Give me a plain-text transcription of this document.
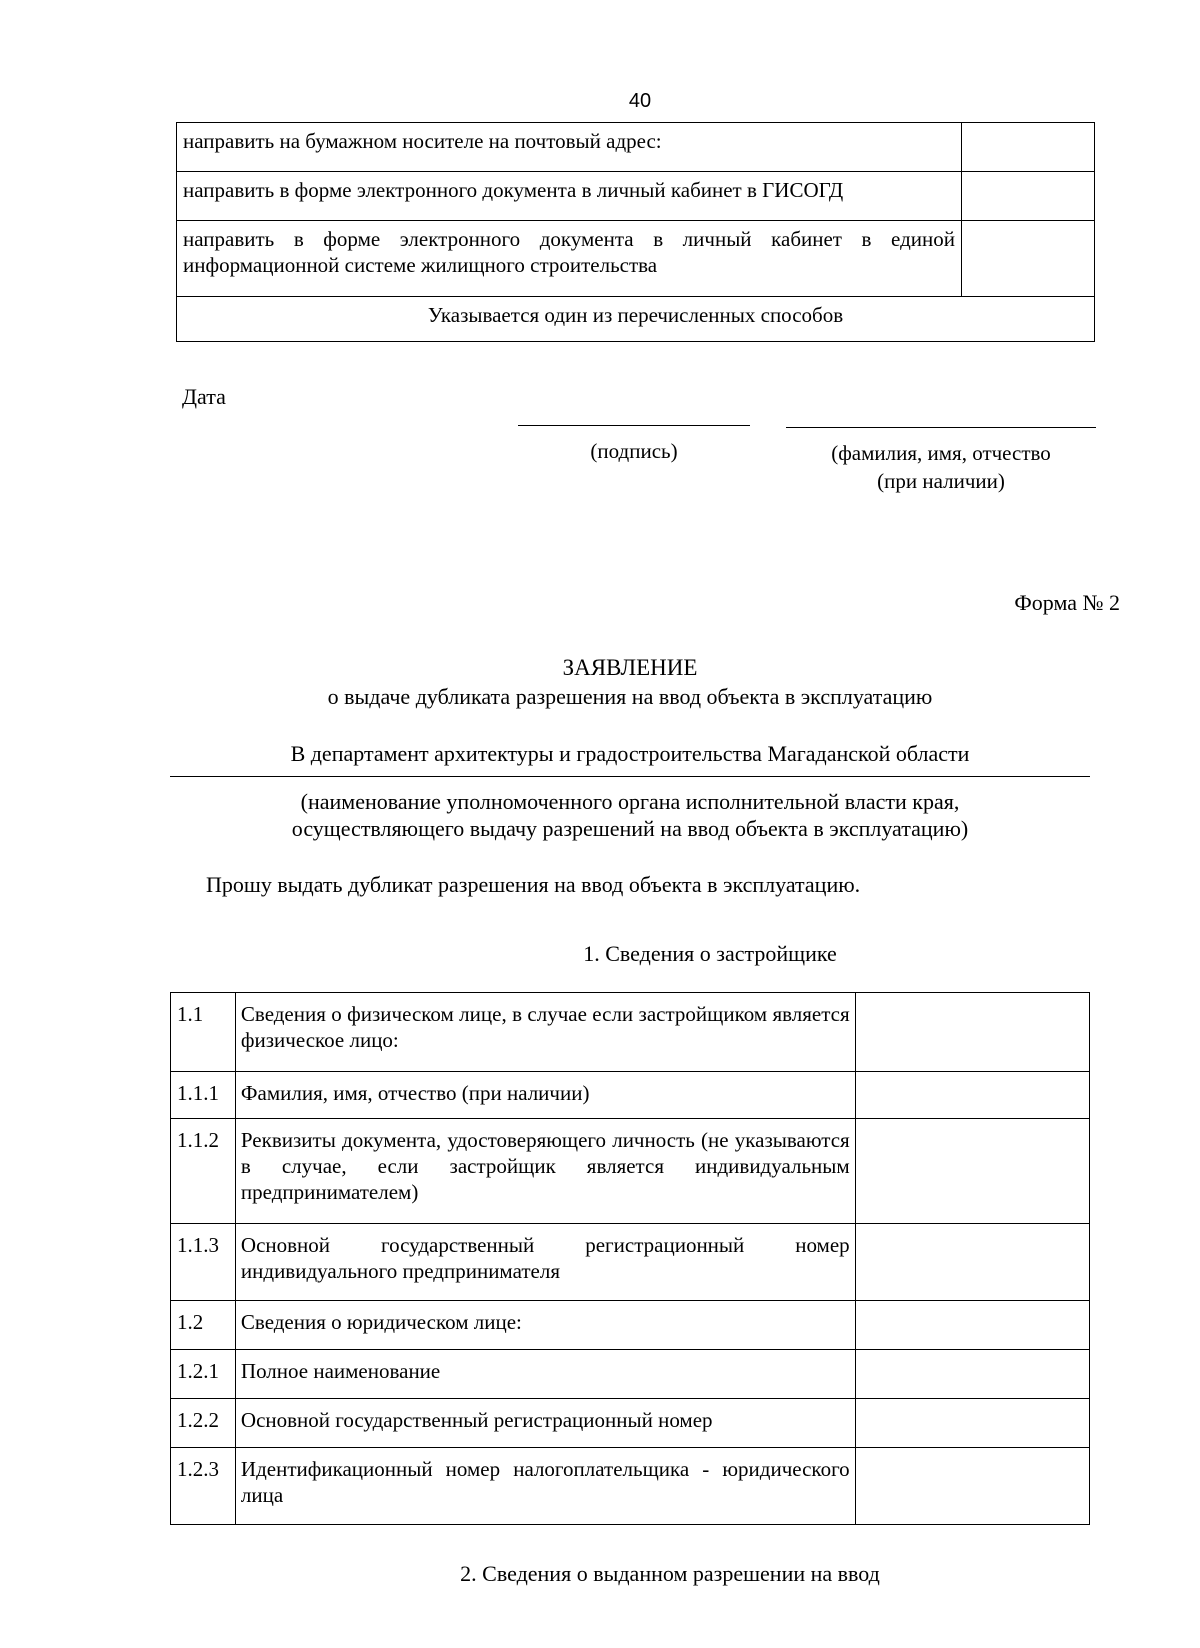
40
направить на бумажном носителе на почтовый адрес:	
направить в форме электронного документа в личный кабинет в ГИСОГД	
направить в форме электронного документа в личный кабинет в единой информационной системе жилищного строительства	
Указывается один из перечисленных способов	
Дата
(подпись)	(фамилия, имя, отчество
(при наличии)
Форма № 2
ЗАЯВЛЕНИЕ
о выдаче дубликата разрешения на ввод объекта в эксплуатацию
В департамент архитектуры и градостроительства Магаданской области
(наименование уполномоченного органа исполнительной власти края,
осуществляющего выдачу разрешений на ввод объекта в эксплуатацию)
Прошу выдать дубликат разрешения на ввод объекта в эксплуатацию.
1. Сведения о застройщике
1.1	Сведения о физическом лице, в случае если застройщиком является физическое лицо:	
1.1.1	Фамилия, имя, отчество (при наличии)	
1.1.2	Реквизиты документа, удостоверяющего личность (не указываются в случае, если застройщик является индивидуальным предпринимателем)	
1.1.3	Основной государственный регистрационный номер индивидуального предпринимателя	
1.2	Сведения о юридическом лице:	
1.2.1	Полное наименование	
1.2.2	Основной государственный регистрационный номер	
1.2.3	Идентификационный номер налогоплательщика - юридического лица	
2. Сведения о выданном разрешении на ввод
